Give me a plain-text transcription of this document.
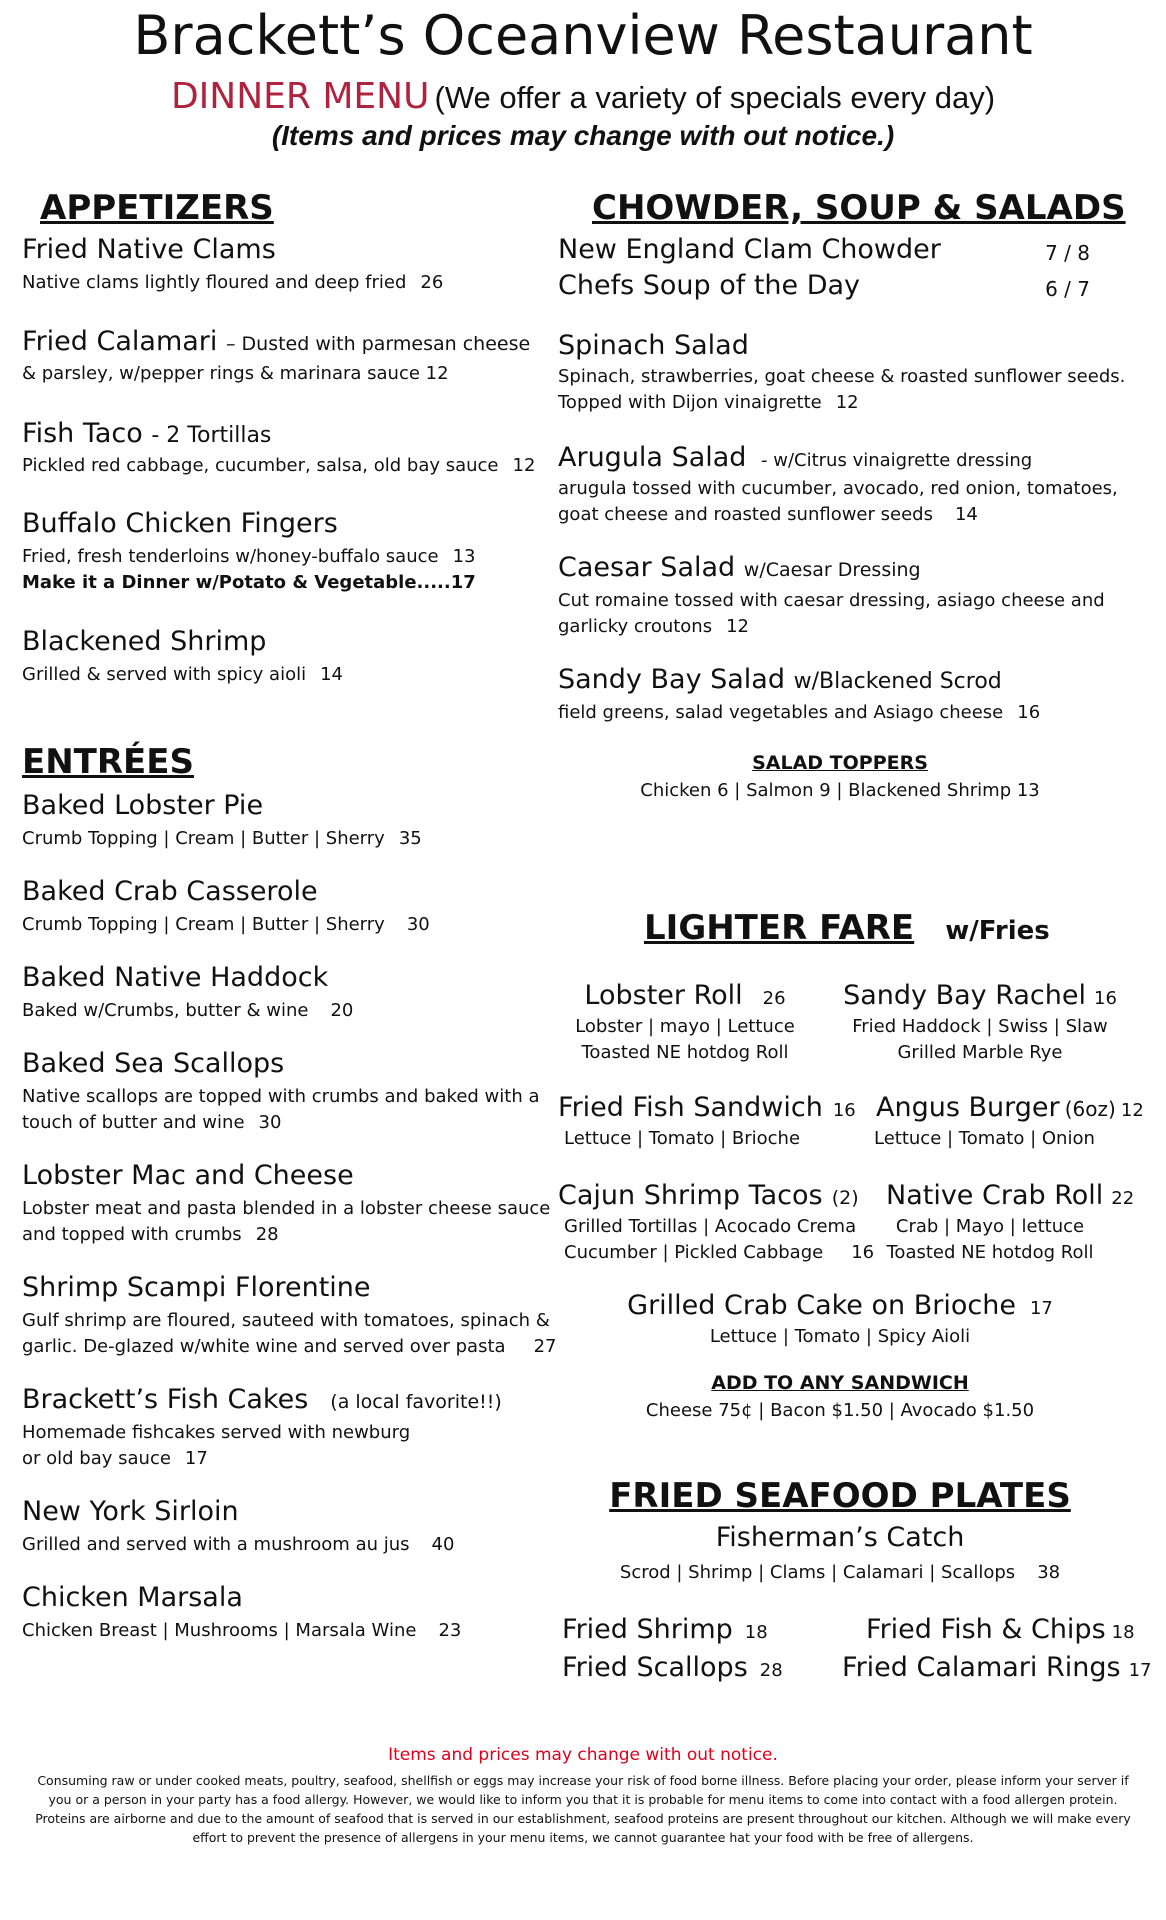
Brackett’s Oceanview Restaurant
DINNER MENU (We offer a variety of specials every day)
(Items and prices may change with out notice.)
APPETIZERS
Fried Native Clams
Native clams lightly floured and deep fried 26
Fried Calamari – Dusted with parmesan cheese
& parsley, w/pepper rings & marinara sauce 12
Fish Taco - 2 Tortillas
Pickled red cabbage, cucumber, salsa, old bay sauce 12
Buffalo Chicken Fingers
Fried, fresh tenderloins w/honey-buffalo sauce 13
Make it a Dinner w/Potato & Vegetable.....17
Blackened Shrimp
Grilled & served with spicy aioli 14
ENTRÉES
Baked Lobster Pie
Crumb Topping | Cream | Butter | Sherry 35
Baked Crab Casserole
Crumb Topping | Cream | Butter | Sherry 30
Baked Native Haddock
Baked w/Crumbs, butter & wine 20
Baked Sea Scallops
Native scallops are topped with crumbs and baked with a
touch of butter and wine 30
Lobster Mac and Cheese
Lobster meat and pasta blended in a lobster cheese sauce
and topped with crumbs 28
Shrimp Scampi Florentine
Gulf shrimp are floured, sauteed with tomatoes, spinach &
garlic. De-glazed w/white wine and served over pasta 27
Brackett’s Fish Cakes (a local favorite!!)
Homemade fishcakes served with newburg
or old bay sauce 17
New York Sirloin
Grilled and served with a mushroom au jus 40
Chicken Marsala
Chicken Breast | Mushrooms | Marsala Wine 23
CHOWDER, SOUP & SALADS
New England Clam Chowder	7 / 8
Chefs Soup of the Day	6 / 7
Spinach Salad
Spinach, strawberries, goat cheese & roasted sunflower seeds.
Topped with Dijon vinaigrette 12
Arugula Salad - w/Citrus vinaigrette dressing
arugula tossed with cucumber, avocado, red onion, tomatoes,
goat cheese and roasted sunflower seeds 14
Caesar Salad w/Caesar Dressing
Cut romaine tossed with caesar dressing, asiago cheese and
garlicky croutons 12
Sandy Bay Salad w/Blackened Scrod
field greens, salad vegetables and Asiago cheese 16
SALAD TOPPERS
Chicken 6 | Salmon 9 | Blackened Shrimp 13
LIGHTER FARE w/Fries
Lobster Roll 26
Lobster | mayo | Lettuce
Toasted NE hotdog Roll
Sandy Bay Rachel 16
Fried Haddock | Swiss | Slaw
Grilled Marble Rye
Fried Fish Sandwich 16
Lettuce | Tomato | Brioche
Angus Burger (6oz) 12
Lettuce | Tomato | Onion
Cajun Shrimp Tacos (2)
Grilled Tortillas | Acocado Crema
Cucumber | Pickled Cabbage 16
Native Crab Roll 22
Crab | Mayo | lettuce
Toasted NE hotdog Roll
Grilled Crab Cake on Brioche 17
Lettuce | Tomato | Spicy Aioli
ADD TO ANY SANDWICH
Cheese 75¢ | Bacon $1.50 | Avocado $1.50
FRIED SEAFOOD PLATES
Fisherman’s Catch
Scrod | Shrimp | Clams | Calamari | Scallops 38
Fried Shrimp 18	Fried Fish & Chips 18
Fried Scallops 28 Fried Calamari Rings 17
Items and prices may change with out notice.
Consuming raw or under cooked meats, poultry, seafood, shellfish or eggs may increase your risk of food borne illness. Before placing your order, please inform your server if you or a person in your party has a food allergy. However, we would like to inform you that it is probable for menu items to come into contact with a food allergen protein. Proteins are airborne and due to the amount of seafood that is served in our establishment, seafood proteins are present throughout our kitchen. Although we will make every effort to prevent the presence of allergens in your menu items, we cannot guarantee hat your food with be free of allergens.
